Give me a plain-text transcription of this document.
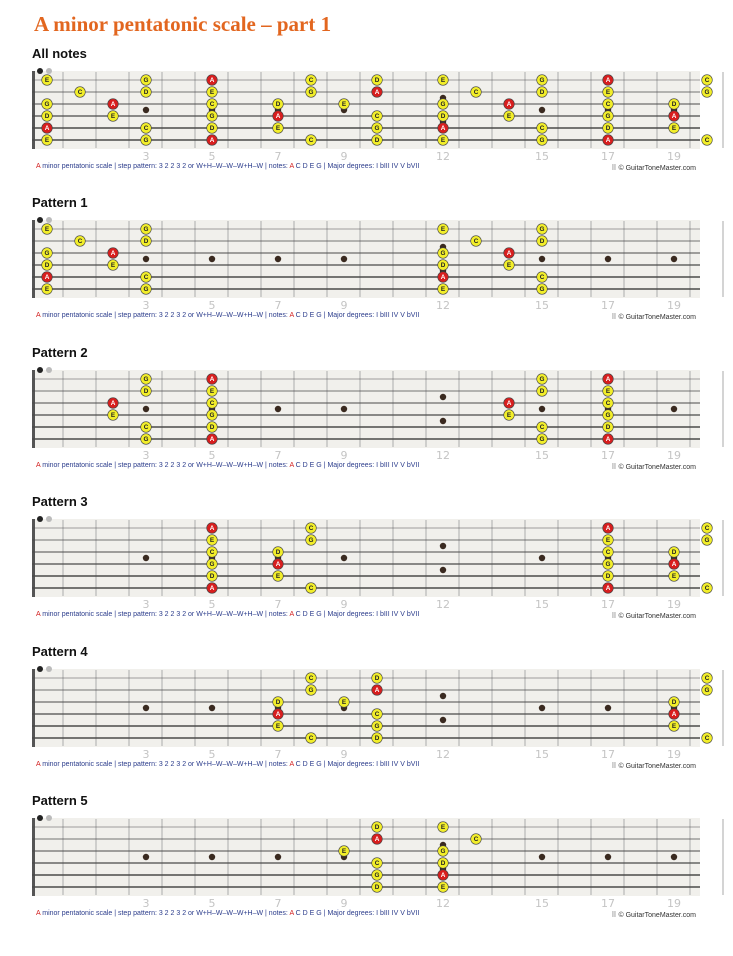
A minor pentatonic scale – part 1
All notes
3	5	7	9	12	15	17	19
E	G	A	C	D	E	G	A	C
C	D	E	G	A	C	D	E	G
G	A	C	D	E	G	A	C	D
D	E	G	A	C	D	E	G	A
A	C	D	E	G	A	C	D	E
E	G	A	C	D	E	G	A	C
A minor pentatonic scale | step pattern: 3 2 2 3 2 or W+H–W–W–W+H–W | notes: A C D E G | Major degrees: I bIII IV V bVII	⠿ © GuitarToneMaster.com
Pattern 1
3	5	7	9	12	15	17	19
E	G	E	G
C	D	C	D
G	A	G	A
D	E	D	E
A	C	A	C
E	G	E	G
A minor pentatonic scale | step pattern: 3 2 2 3 2 or W+H–W–W–W+H–W | notes: A C D E G | Major degrees: I bIII IV V bVII	⠿ © GuitarToneMaster.com
Pattern 2
3	5	7	9	12	15	17	19
G	A	G	A
D	E	D	E
A	C	A	C
E	G	E	G
C	D	C	D
G	A	G	A
A minor pentatonic scale | step pattern: 3 2 2 3 2 or W+H–W–W–W+H–W | notes: A C D E G | Major degrees: I bIII IV V bVII	⠿ © GuitarToneMaster.com
Pattern 3
3	5	7	9	12	15	17	19
A	C	A	C
E	G	E	G
C	D	C	D
G	A	G	A
D	E	D	E
A	C	A	C
A minor pentatonic scale | step pattern: 3 2 2 3 2 or W+H–W–W–W+H–W | notes: A C D E G | Major degrees: I bIII IV V bVII	⠿ © GuitarToneMaster.com
Pattern 4
3	5	7	9	12	15	17	19
C	D	C
G	A	G
D	E	D
A	C	A
E	G	E
C	D	C
A minor pentatonic scale | step pattern: 3 2 2 3 2 or W+H–W–W–W+H–W | notes: A C D E G | Major degrees: I bIII IV V bVII	⠿ © GuitarToneMaster.com
Pattern 5
3	5	7	9	12	15	17	19
D	E
A	C
E	G
C	D
G	A
D	E
A minor pentatonic scale | step pattern: 3 2 2 3 2 or W+H–W–W–W+H–W | notes: A C D E G | Major degrees: I bIII IV V bVII	⠿ © GuitarToneMaster.com
